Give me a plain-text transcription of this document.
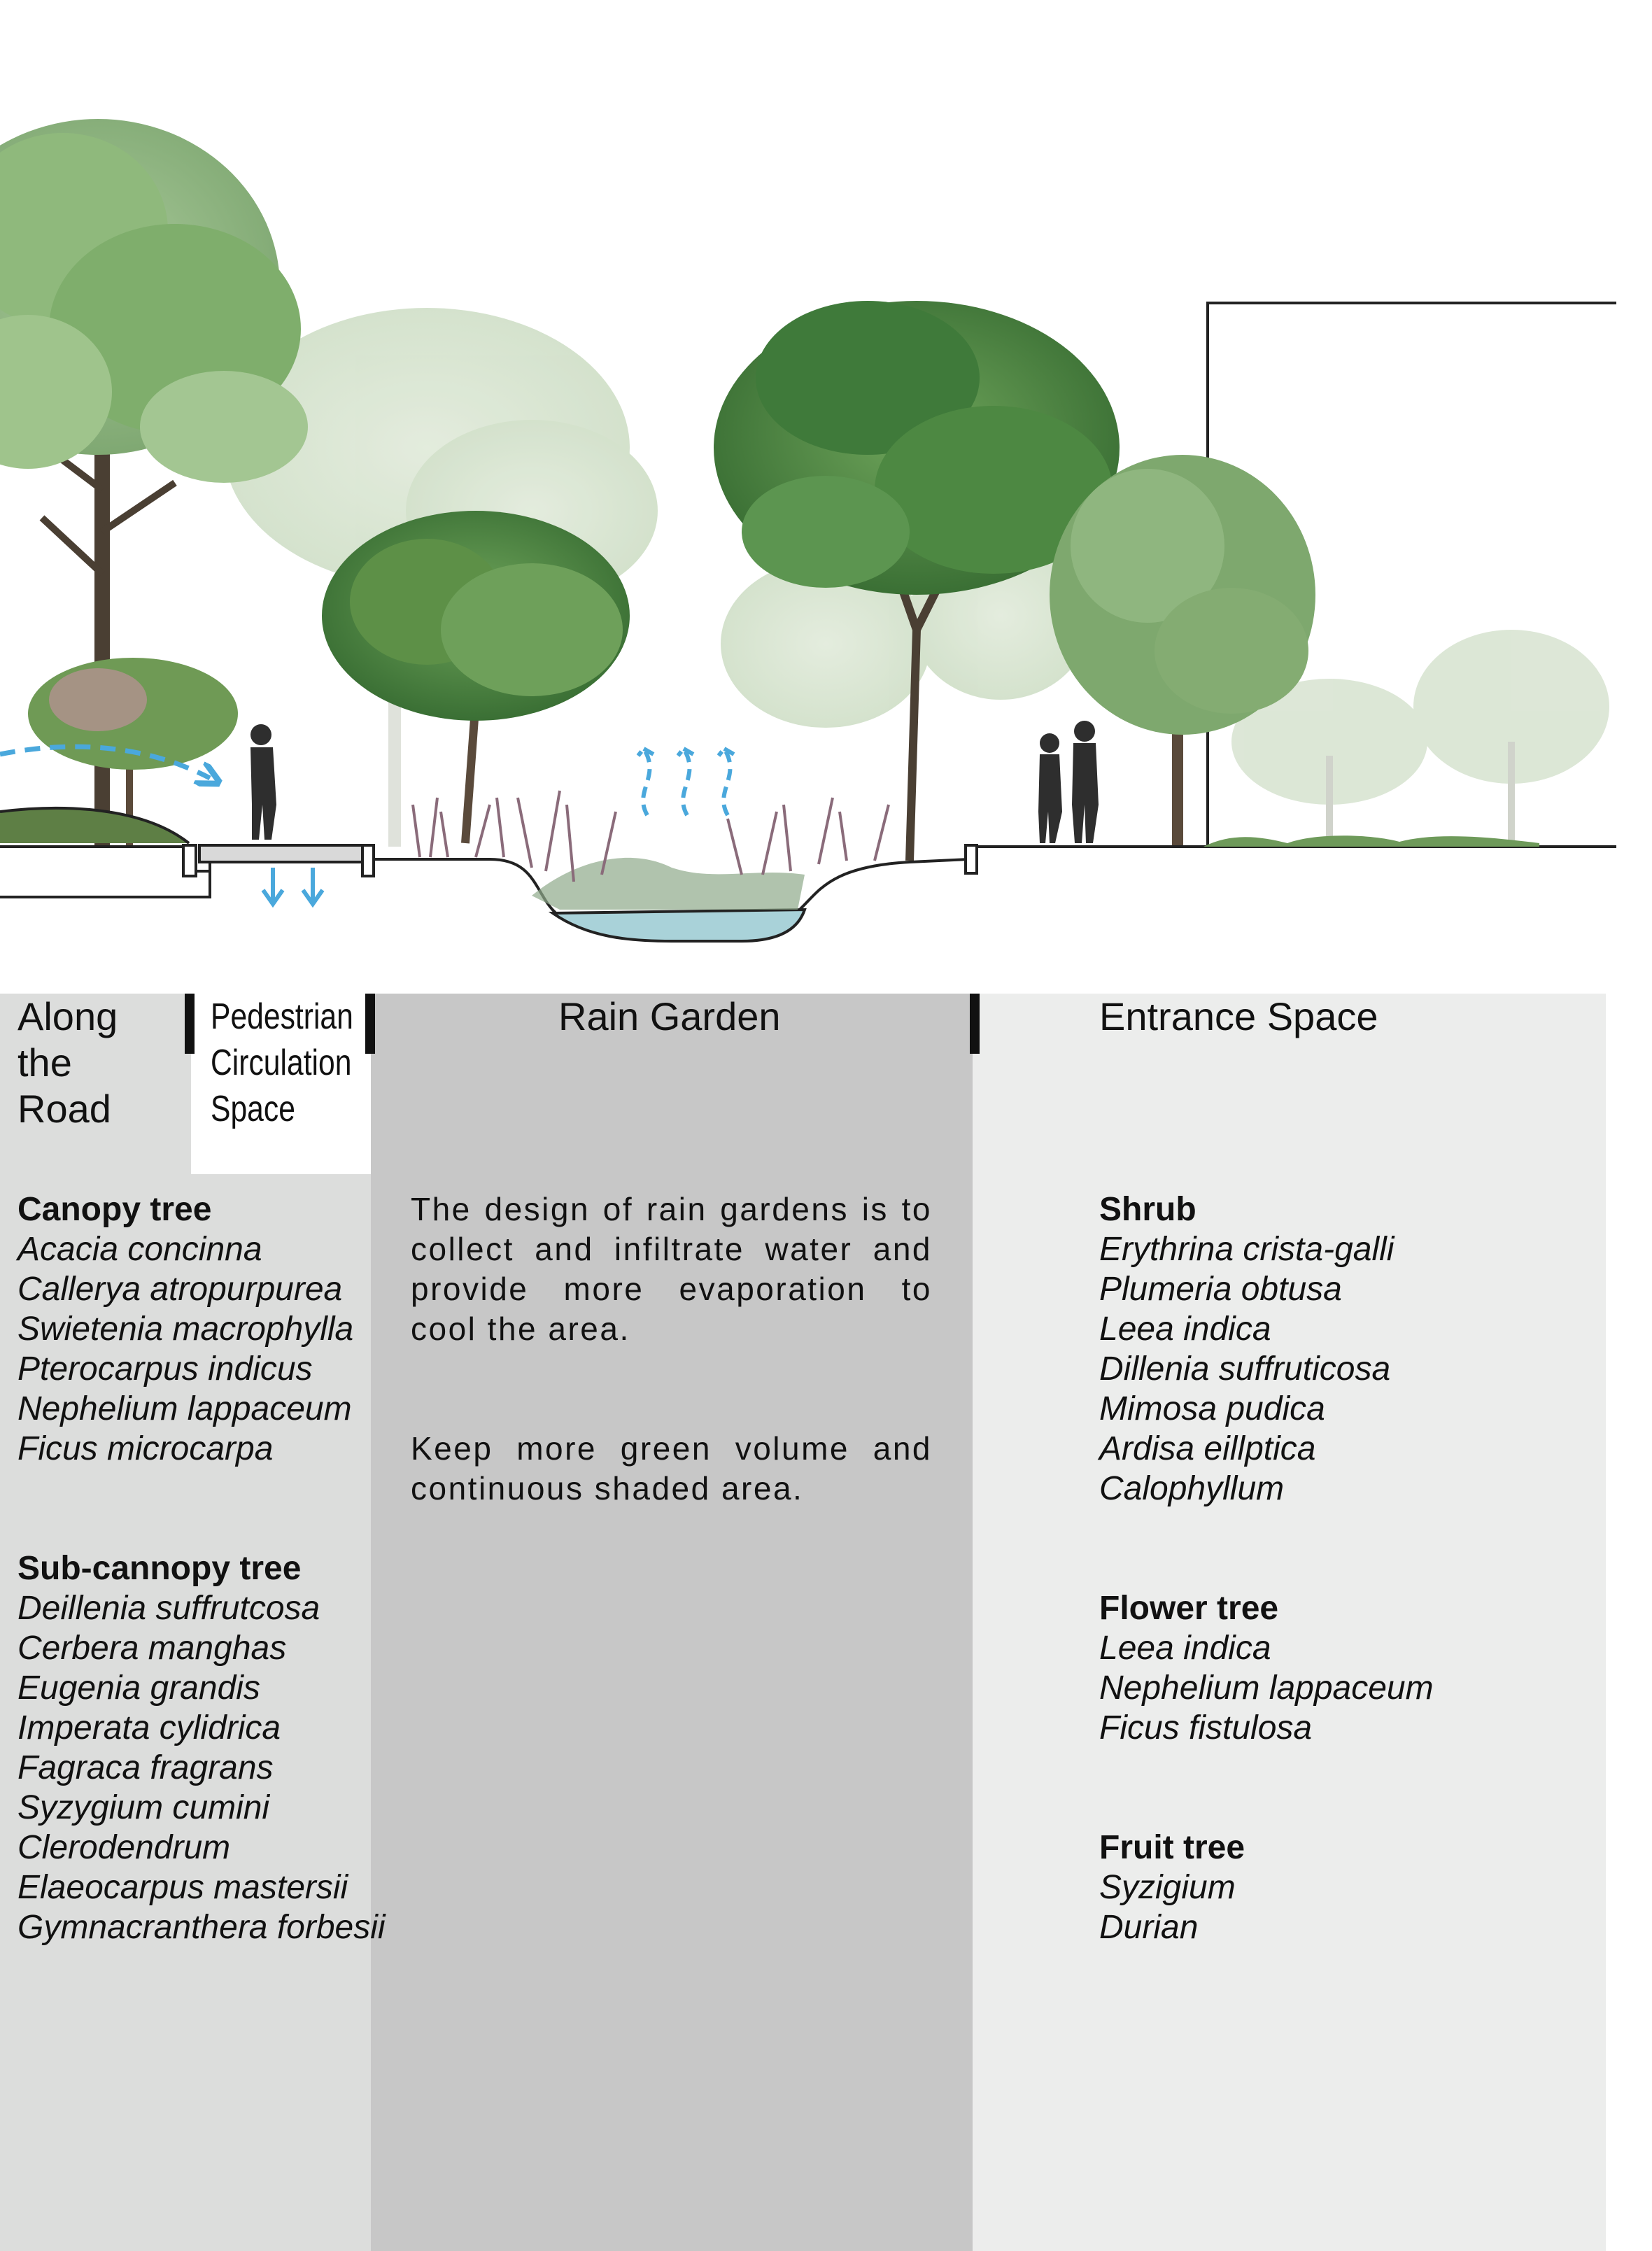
Along
the
Road
Pedestrian
Circulation
Space
Rain Garden	Entrance Space
Canopy tree
Acacia concinna
Callerya atropurpurea
Swietenia macrophylla
Pterocarpus indicus
Nephelium lappaceum
Ficus microcarpa
Sub-cannopy tree
Deillenia suffrutcosa
Cerbera manghas
Eugenia grandis
Imperata cylidrica
Fagraca fragrans
Syzygium cumini
Clerodendrum
Elaeocarpus mastersii
Gymnacranthera forbesii

The design of rain gardens is to collect and infiltrate water and provide more evaporation to cool the area.

Keep more green volume and continuous shaded area.

Shrub
Erythrina crista-galli
Plumeria obtusa
Leea indica
Dillenia suffruticosa
Mimosa pudica
Ardisa eillptica
Calophyllum
Flower tree
Leea indica
Nephelium lappaceum
Ficus fistulosa
Fruit tree
Syzigium
Durian
